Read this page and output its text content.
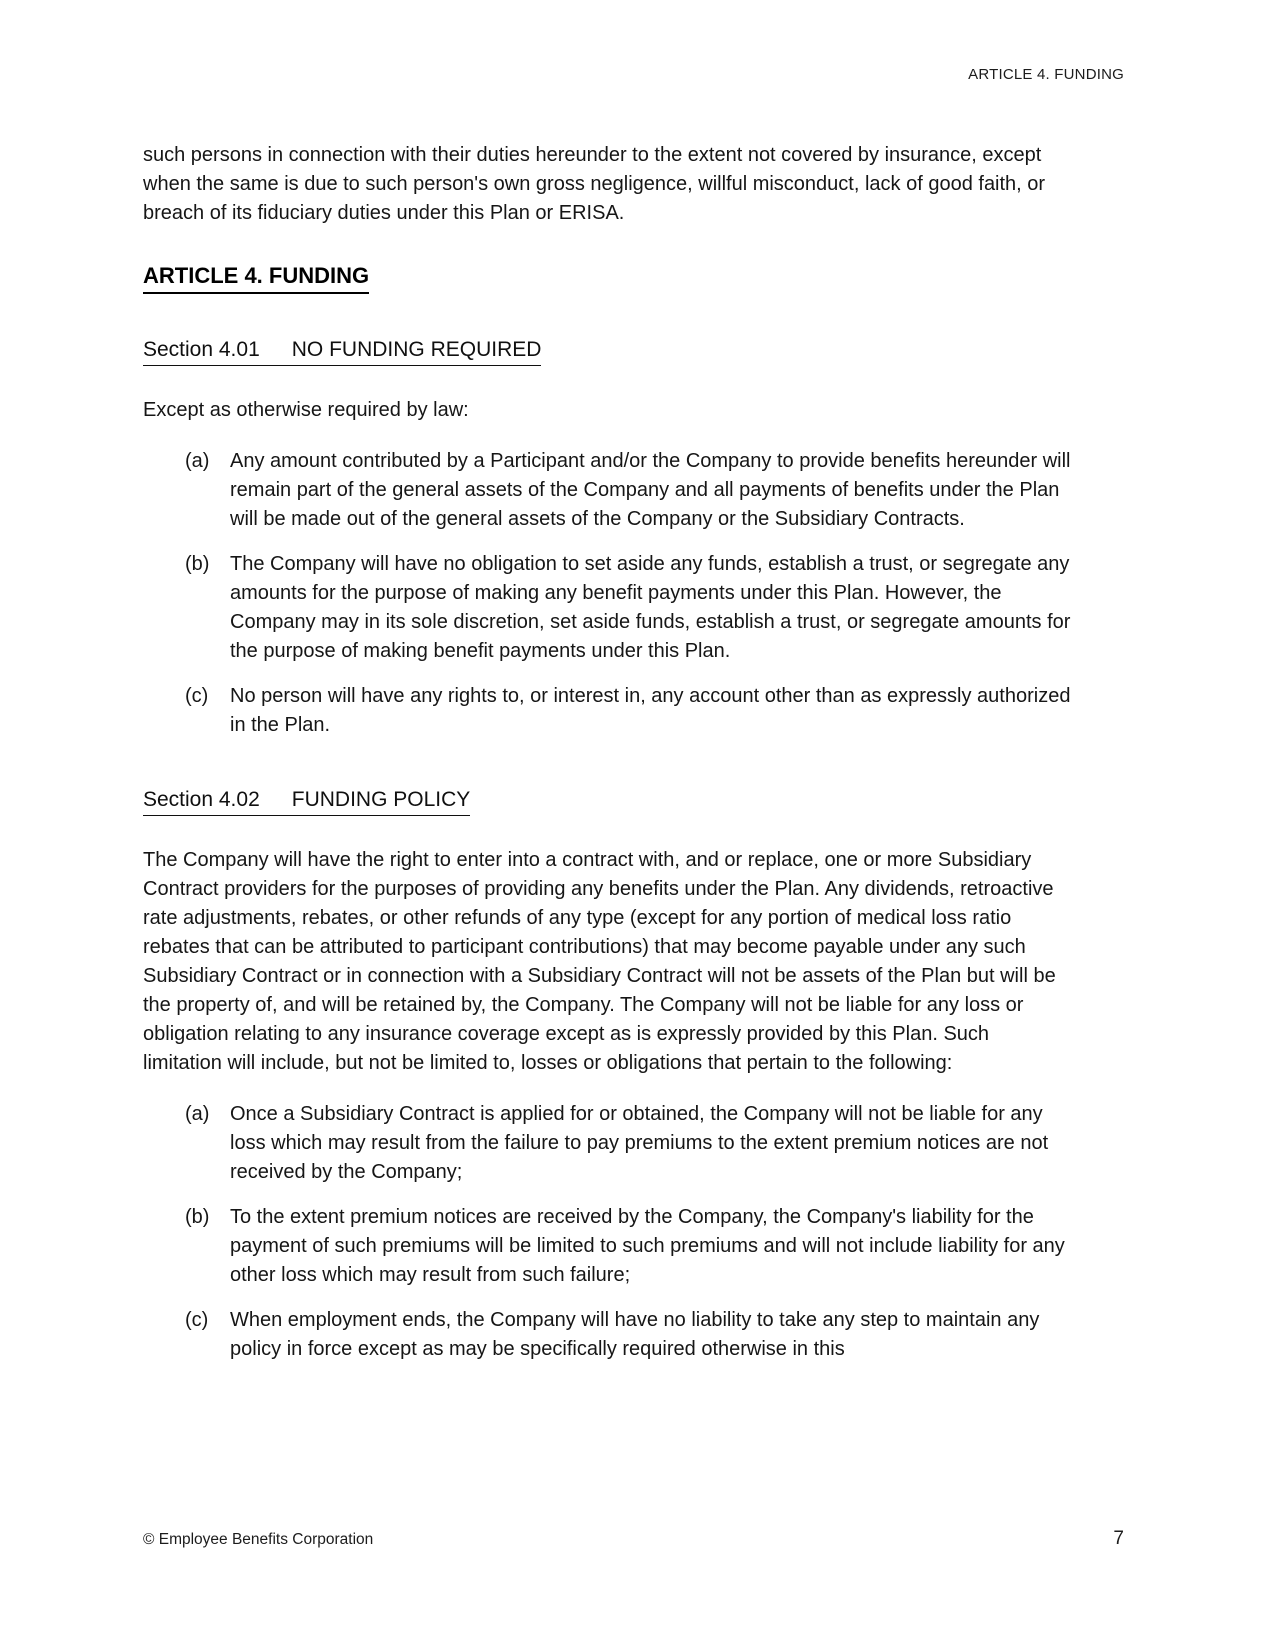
ARTICLE 4. FUNDING

such persons in connection with their duties hereunder to the extent not covered by insurance, except when the same is due to such person's own gross negligence, willful misconduct, lack of good faith, or breach of its fiduciary duties under this Plan or ERISA.

ARTICLE 4. FUNDING
Section 4.01 NO FUNDING REQUIRED

Except as otherwise required by law:

(a)	Any amount contributed by a Participant and/or the Company to provide benefits hereunder will remain part of the general assets of the Company and all payments of benefits under the Plan will be made out of the general assets of the Company or the Subsidiary Contracts.
(b)	The Company will have no obligation to set aside any funds, establish a trust, or segregate any amounts for the purpose of making any benefit payments under this Plan. However, the Company may in its sole discretion, set aside funds, establish a trust, or segregate amounts for the purpose of making benefit payments under this Plan.
(c)	No person will have any rights to, or interest in, any account other than as expressly authorized in the Plan.
Section 4.02 FUNDING POLICY

The Company will have the right to enter into a contract with, and or replace, one or more Subsidiary Contract providers for the purposes of providing any benefits under the Plan. Any dividends, retroactive rate adjustments, rebates, or other refunds of any type (except for any portion of medical loss ratio rebates that can be attributed to participant contributions) that may become payable under any such Subsidiary Contract or in connection with a Subsidiary Contract will not be assets of the Plan but will be the property of, and will be retained by, the Company. The Company will not be liable for any loss or obligation relating to any insurance coverage except as is expressly provided by this Plan. Such limitation will include, but not be limited to, losses or obligations that pertain to the following:

(a)	Once a Subsidiary Contract is applied for or obtained, the Company will not be liable for any loss which may result from the failure to pay premiums to the extent premium notices are not received by the Company;
(b)	To the extent premium notices are received by the Company, the Company's liability for the payment of such premiums will be limited to such premiums and will not include liability for any other loss which may result from such failure;
(c)	When employment ends, the Company will have no liability to take any step to maintain any policy in force except as may be specifically required otherwise in this
© Employee Benefits Corporation	7
